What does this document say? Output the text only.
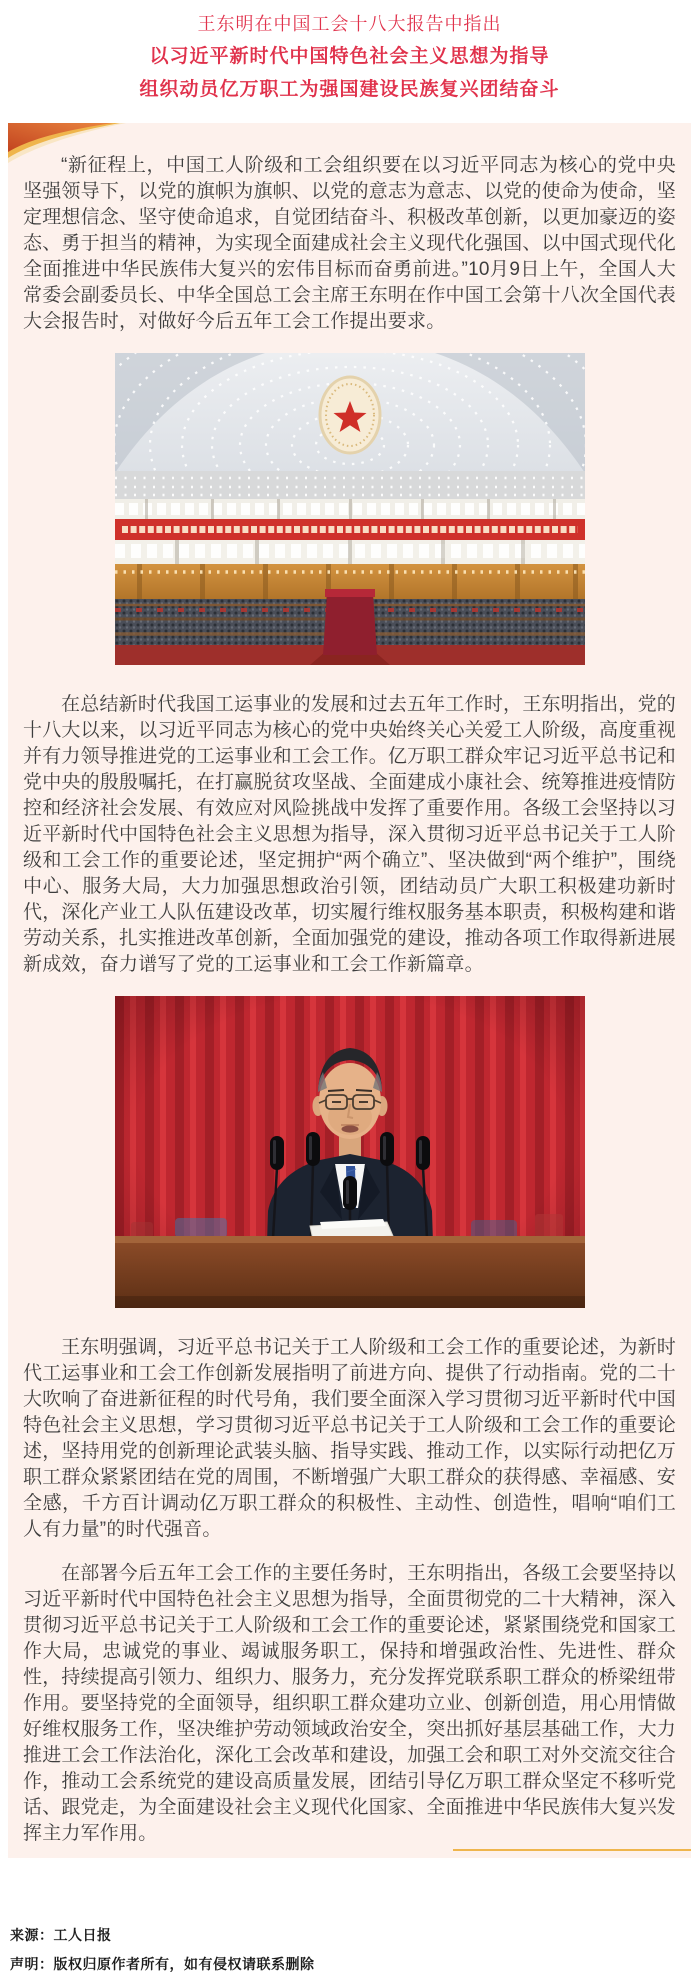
王东明在中国工会十八大报告中指出
以习近平新时代中国特色社会主义思想为指导
组织动员亿万职工为强国建设民族复兴团结奋斗

“新征程上，中国工人阶级和工会组织要在以习近平同志为核心的党中央坚强领导下，以党的旗帜为旗帜、以党的意志为意志、以党的使命为使命，坚定理想信念、坚守使命追求，自觉团结奋斗、积极改革创新，以更加豪迈的姿态、勇于担当的精神，为实现全面建成社会主义现代化强国、以中国式现代化全面推进中华民族伟大复兴的宏伟目标而奋勇前进。”10月9日上午，全国人大常委会副委员长、中华全国总工会主席王东明在作中国工会第十八次全国代表大会报告时，对做好今后五年工会工作提出要求。

在总结新时代我国工运事业的发展和过去五年工作时，王东明指出，党的十八大以来，以习近平同志为核心的党中央始终关心关爱工人阶级，高度重视并有力领导推进党的工运事业和工会工作。亿万职工群众牢记习近平总书记和党中央的殷殷嘱托，在打赢脱贫攻坚战、全面建成小康社会、统筹推进疫情防控和经济社会发展、有效应对风险挑战中发挥了重要作用。各级工会坚持以习近平新时代中国特色社会主义思想为指导，深入贯彻习近平总书记关于工人阶级和工会工作的重要论述，坚定拥护“两个确立”、坚决做到“两个维护”，围绕中心、服务大局，大力加强思想政治引领，团结动员广大职工积极建功新时代，深化产业工人队伍建设改革，切实履行维权服务基本职责，积极构建和谐劳动关系，扎实推进改革创新，全面加强党的建设，推动各项工作取得新进展新成效，奋力谱写了党的工运事业和工会工作新篇章。

王东明强调，习近平总书记关于工人阶级和工会工作的重要论述，为新时代工运事业和工会工作创新发展指明了前进方向、提供了行动指南。党的二十大吹响了奋进新征程的时代号角，我们要全面深入学习贯彻习近平新时代中国特色社会主义思想，学习贯彻习近平总书记关于工人阶级和工会工作的重要论述，坚持用党的创新理论武装头脑、指导实践、推动工作，以实际行动把亿万职工群众紧紧团结在党的周围，不断增强广大职工群众的获得感、幸福感、安全感，千方百计调动亿万职工群众的积极性、主动性、创造性，唱响“咱们工人有力量”的时代强音。

在部署今后五年工会工作的主要任务时，王东明指出，各级工会要坚持以习近平新时代中国特色社会主义思想为指导，全面贯彻党的二十大精神，深入贯彻习近平总书记关于工人阶级和工会工作的重要论述，紧紧围绕党和国家工作大局，忠诚党的事业、竭诚服务职工，保持和增强政治性、先进性、群众性，持续提高引领力、组织力、服务力，充分发挥党联系职工群众的桥梁纽带作用。要坚持党的全面领导，组织职工群众建功立业、创新创造，用心用情做好维权服务工作，坚决维护劳动领域政治安全，突出抓好基层基础工作，大力推进工会工作法治化，深化工会改革和建设，加强工会和职工对外交流交往合作，推动工会系统党的建设高质量发展，团结引导亿万职工群众坚定不移听党话、跟党走，为全面建设社会主义现代化国家、全面推进中华民族伟大复兴发挥主力军作用。

来源：工人日报
声明：版权归原作者所有，如有侵权请联系删除
